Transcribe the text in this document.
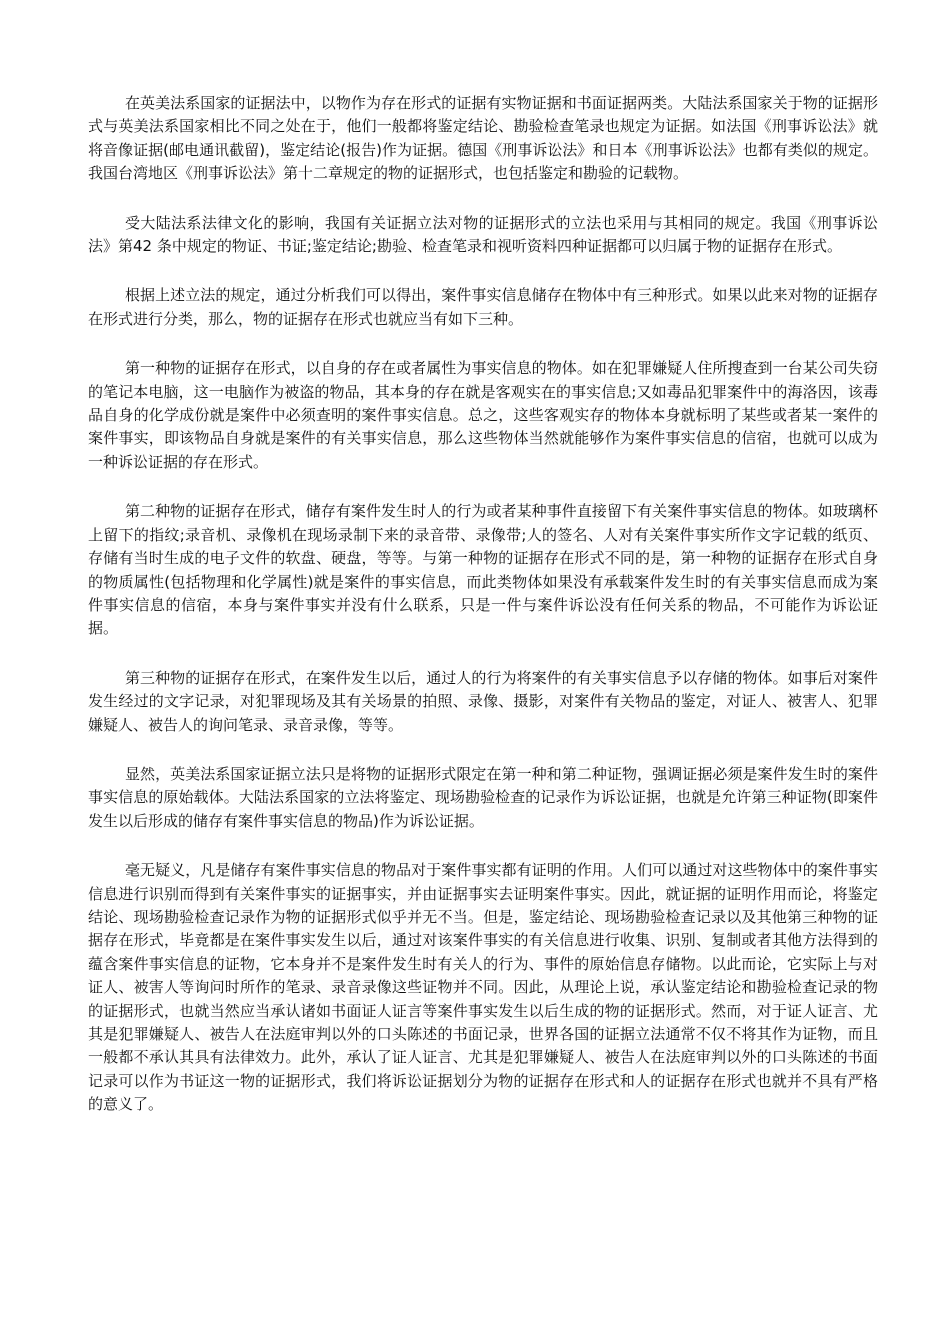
在英美法系国家的证据法中，以物作为存在形式的证据有实物证据和书面证据两类。大陆法系国家关于物的证据形式与英美法系国家相比不同之处在于，他们一般都将鉴定结论、勘验检查笔录也规定为证据。如法国《刑事诉讼法》就将音像证据(邮电通讯截留)，鉴定结论(报告)作为证据。德国《刑事诉讼法》和日本《刑事诉讼法》也都有类似的规定。我国台湾地区《刑事诉讼法》第十二章规定的物的证据形式，也包括鉴定和勘验的记载物。

受大陆法系法律文化的影响，我国有关证据立法对物的证据形式的立法也采用与其相同的规定。我国《刑事诉讼法》第42 条中规定的物证、书证;鉴定结论;勘验、检查笔录和视听资料四种证据都可以归属于物的证据存在形式。

根据上述立法的规定，通过分析我们可以得出，案件事实信息储存在物体中有三种形式。如果以此来对物的证据存在形式进行分类，那么，物的证据存在形式也就应当有如下三种。

第一种物的证据存在形式，以自身的存在或者属性为事实信息的物体。如在犯罪嫌疑人住所搜查到一台某公司失窃的笔记本电脑，这一电脑作为被盗的物品，其本身的存在就是客观实在的事实信息;又如毒品犯罪案件中的海洛因，该毒品自身的化学成份就是案件中必须查明的案件事实信息。总之，这些客观实存的物体本身就标明了某些或者某一案件的案件事实，即该物品自身就是案件的有关事实信息，那么这些物体当然就能够作为案件事实信息的信宿，也就可以成为一种诉讼证据的存在形式。

第二种物的证据存在形式，储存有案件发生时人的行为或者某种事件直接留下有关案件事实信息的物体。如玻璃杯上留下的指纹;录音机、录像机在现场录制下来的录音带、录像带;人的签名、人对有关案件事实所作文字记载的纸页、存储有当时生成的电子文件的软盘、硬盘，等等。与第一种物的证据存在形式不同的是，第一种物的证据存在形式自身的物质属性(包括物理和化学属性)就是案件的事实信息，而此类物体如果没有承载案件发生时的有关事实信息而成为案件事实信息的信宿，本身与案件事实并没有什么联系，只是一件与案件诉讼没有任何关系的物品，不可能作为诉讼证据。

第三种物的证据存在形式，在案件发生以后，通过人的行为将案件的有关事实信息予以存储的物体。如事后对案件发生经过的文字记录，对犯罪现场及其有关场景的拍照、录像、摄影，对案件有关物品的鉴定，对证人、被害人、犯罪嫌疑人、被告人的询问笔录、录音录像，等等。

显然，英美法系国家证据立法只是将物的证据形式限定在第一种和第二种证物，强调证据必须是案件发生时的案件事实信息的原始载体。大陆法系国家的立法将鉴定、现场勘验检查的记录作为诉讼证据，也就是允许第三种证物(即案件发生以后形成的储存有案件事实信息的物品)作为诉讼证据。

毫无疑义，凡是储存有案件事实信息的物品对于案件事实都有证明的作用。人们可以通过对这些物体中的案件事实信息进行识别而得到有关案件事实的证据事实，并由证据事实去证明案件事实。因此，就证据的证明作用而论，将鉴定结论、现场勘验检查记录作为物的证据形式似乎并无不当。但是，鉴定结论、现场勘验检查记录以及其他第三种物的证据存在形式，毕竟都是在案件事实发生以后，通过对该案件事实的有关信息进行收集、识别、复制或者其他方法得到的蕴含案件事实信息的证物，它本身并不是案件发生时有关人的行为、事件的原始信息存储物。以此而论，它实际上与对证人、被害人等询问时所作的笔录、录音录像这些证物并不同。因此，从理论上说，承认鉴定结论和勘验检查记录的物的证据形式，也就当然应当承认诸如书面证人证言等案件事实发生以后生成的物的证据形式。然而，对于证人证言、尤其是犯罪嫌疑人、被告人在法庭审判以外的口头陈述的书面记录，世界各国的证据立法通常不仅不将其作为证物，而且一般都不承认其具有法律效力。此外，承认了证人证言、尤其是犯罪嫌疑人、被告人在法庭审判以外的口头陈述的书面记录可以作为书证这一物的证据形式，我们将诉讼证据划分为物的证据存在形式和人的证据存在形式也就并不具有严格的意义了。
